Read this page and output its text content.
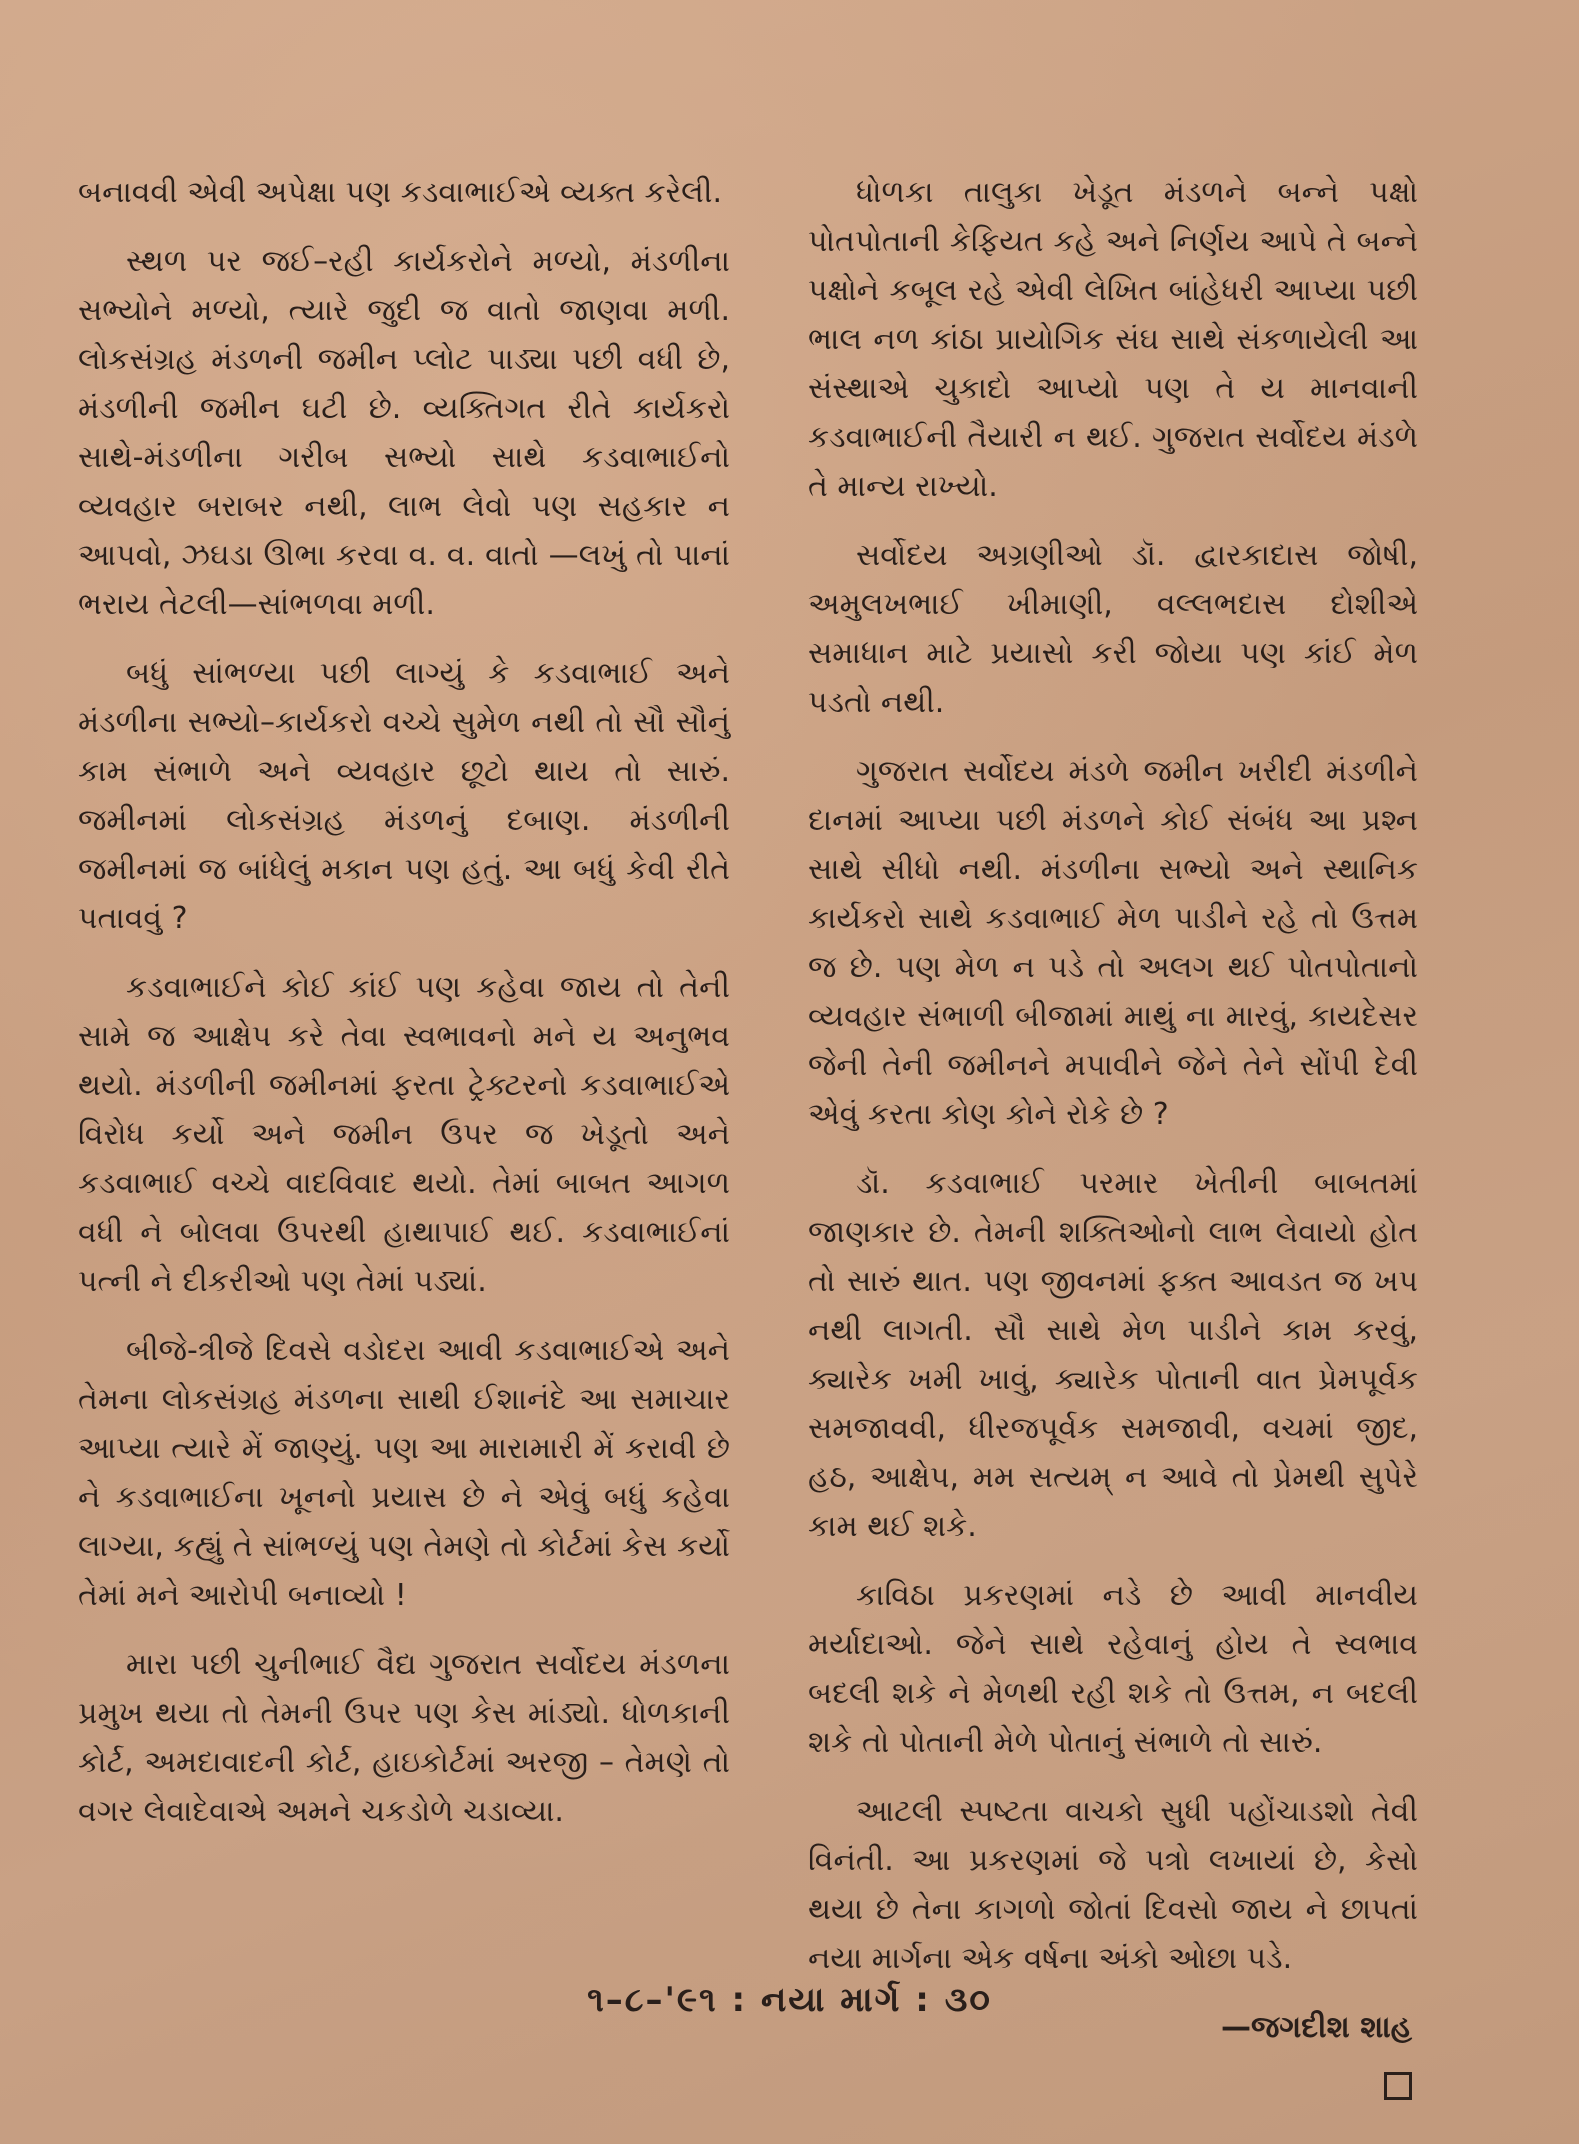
બનાવવી એવી અપેક્ષા પણ કડવાભાઈએ વ્યક્ત કરેલી.

સ્થળ પર જઈ–રહી કાર્યકરોને મળ્યો, મંડળીના સભ્યોને મળ્યો, ત્યારે જુદી જ વાતો જાણવા મળી. લોકસંગ્રહ મંડળની જમીન પ્લોટ પાડ્યા પછી વધી છે, મંડળીની જમીન ઘટી છે. વ્યક્તિગત રીતે કાર્યકરો સાથે-મંડળીના ગરીબ સભ્યો સાથે કડવાભાઈનો વ્યવહાર બરાબર નથી, લાભ લેવો પણ સહકાર ન આપવો, ઝઘડા ઊભા કરવા વ. વ. વાતો —લખું તો પાનાં ભરાય તેટલી—સાંભળવા મળી.

બધું સાંભળ્યા પછી લાગ્યું કે કડવાભાઈ અને મંડળીના સભ્યો–કાર્યકરો વચ્ચે સુમેળ નથી તો સૌ સૌનું કામ સંભાળે અને વ્યવહાર છૂટો થાય તો સારું. જમીનમાં લોકસંગ્રહ મંડળનું દબાણ. મંડળીની જમીનમાં જ બાંધેલું મકાન પણ હતું. આ બધું કેવી રીતે પતાવવું ?

કડવાભાઈને કોઈ કાંઈ પણ કહેવા જાય તો તેની સામે જ આક્ષેપ કરે તેવા સ્વભાવનો મને ય અનુભવ થયો. મંડળીની જમીનમાં ફરતા ટ્રેક્ટરનો કડવાભાઈએ વિરોધ કર્યો અને જમીન ઉપર જ ખેડૂતો અને કડવાભાઈ વચ્ચે વાદવિવાદ થયો. તેમાં બાબત આગળ વધી ને બોલવા ઉપરથી હાથાપાઈ થઈ. કડવાભાઈનાં પત્ની ને દીકરીઓ પણ તેમાં પડ્યાં.

બીજે-ત્રીજે દિવસે વડોદરા આવી કડવાભાઈએ અને તેમના લોકસંગ્રહ મંડળના સાથી ઈશાનંદે આ સમાચાર આપ્યા ત્યારે મેં જાણ્યું. પણ આ મારામારી મેં કરાવી છે ને કડવાભાઈના ખૂનનો પ્રયાસ છે ને એવું બધું કહેવા લાગ્યા, કહ્યું તે સાંભળ્યું પણ તેમણે તો કોર્ટમાં કેસ કર્યો તેમાં મને આરોપી બનાવ્યો !

મારા પછી ચુનીભાઈ વૈદ્ય ગુજરાત સર્વોદય મંડળના પ્રમુખ થયા તો તેમની ઉપર પણ કેસ માંડ્યો. ધોળકાની કોર્ટ, અમદાવાદની કોર્ટ, હાઇકોર્ટમાં અરજી – તેમણે તો વગર લેવાદેવાએ અમને ચકડોળે ચડાવ્યા.

ધોળકા તાલુકા ખેડૂત મંડળને બન્ને પક્ષો પોતપોતાની કેફિયત કહે અને નિર્ણય આપે તે બન્ને પક્ષોને કબૂલ રહે એવી લેખિત બાંહેધરી આપ્યા પછી ભાલ નળ કાંઠા પ્રાયોગિક સંઘ સાથે સંકળાયેલી આ સંસ્થાએ ચુકાદો આપ્યો પણ તે ય માનવાની કડવાભાઈની તૈયારી ન થઈ. ગુજરાત સર્વોદય મંડળે તે માન્ય રાખ્યો.

સર્વોદય અગ્રણીઓ ડૉ. દ્વારકાદાસ જોષી, અમુલખભાઈ ખીમાણી, વલ્લભદાસ દોશીએ સમાધાન માટે પ્રયાસો કરી જોયા પણ કાંઈ મેળ પડતો નથી.

ગુજરાત સર્વોદય મંડળે જમીન ખરીદી મંડળીને દાનમાં આપ્યા પછી મંડળને કોઈ સંબંધ આ પ્રશ્ન સાથે સીધો નથી. મંડળીના સભ્યો અને સ્થાનિક કાર્યકરો સાથે કડવાભાઈ મેળ પાડીને રહે તો ઉત્તમ જ છે. પણ મેળ ન પડે તો અલગ થઈ પોતપોતાનો વ્યવહાર સંભાળી બીજામાં માથું ના મારવું, કાયદેસર જેની તેની જમીનને મપાવીને જેને તેને સોંપી દેવી એવું કરતા કોણ કોને રોકે છે ?

ડૉ. કડવાભાઈ પરમાર ખેતીની બાબતમાં જાણકાર છે. તેમની શક્તિઓનો લાભ લેવાયો હોત તો સારું થાત. પણ જીવનમાં ફક્ત આવડત જ ખપ નથી લાગતી. સૌ સાથે મેળ પાડીને કામ કરવું, ક્યારેક ખમી ખાવું, ક્યારેક પોતાની વાત પ્રેમપૂર્વક સમજાવવી, ધીરજપૂર્વક સમજાવી, વચમાં જીદ, હઠ, આક્ષેપ, મમ સત્યમ્ ન આવે તો પ્રેમથી સુપેરે કામ થઈ શકે.

કાવિઠા પ્રકરણમાં નડે છે આવી માનવીય મર્યાદાઓ. જેને સાથે રહેવાનું હોય તે સ્વભાવ બદલી શકે ને મેળથી રહી શકે તો ઉત્તમ, ન બદલી શકે તો પોતાની મેળે પોતાનું સંભાળે તો સારું.

આટલી સ્પષ્ટતા વાચકો સુધી પહોંચાડશો તેવી વિનંતી. આ પ્રકરણમાં જે પત્રો લખાયાં છે, કેસો થયા છે તેના કાગળો જોતાં દિવસો જાય ને છાપતાં નયા માર્ગના એક વર્ષના અંકો ઓછા પડે.

—જગદીશ શાહ

૧–૮–'૯૧ : નયા માર્ગ : ૩૦
